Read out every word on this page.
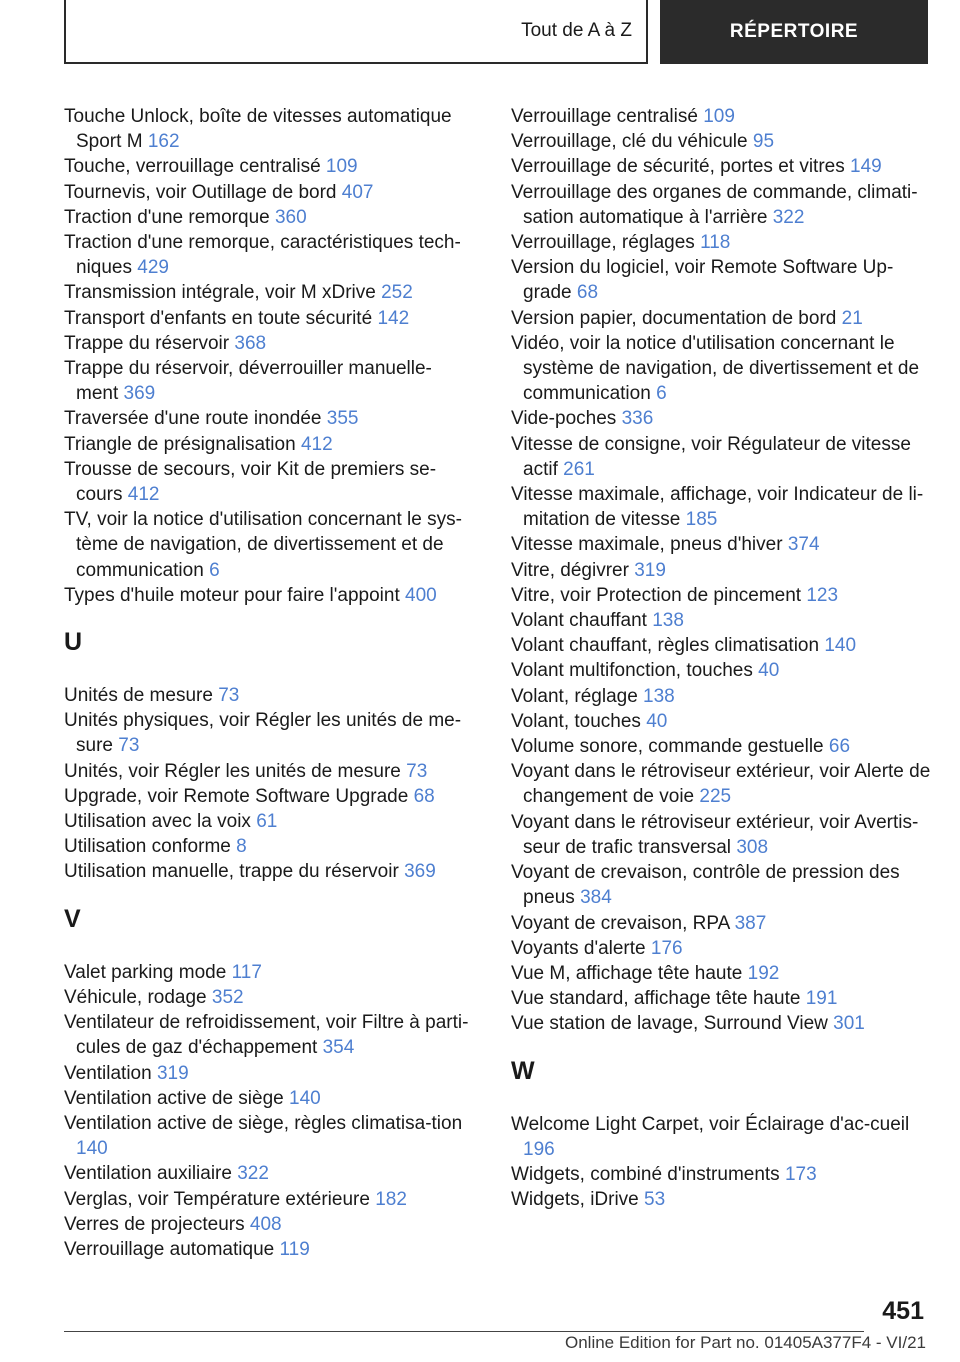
Tout de A à Z	RÉPERTOIRE
Touche Unlock, boîte de vitesses automatique Sport M 162
Touche, verrouillage centralisé 109
Tournevis, voir Outillage de bord 407
Traction d'une remorque 360
Traction d'une remorque, caractéristiques tech-niques 429
Transmission intégrale, voir M xDrive 252
Transport d'enfants en toute sécurité 142
Trappe du réservoir 368
Trappe du réservoir, déverrouiller manuelle-ment 369
Traversée d'une route inondée 355
Triangle de présignalisation 412
Trousse de secours, voir Kit de premiers se-cours 412
TV, voir la notice d'utilisation concernant le sys-tème de navigation, de divertissement et de communication 6
Types d'huile moteur pour faire l'appoint 400
U
Unités de mesure 73
Unités physiques, voir Régler les unités de me-sure 73
Unités, voir Régler les unités de mesure 73
Upgrade, voir Remote Software Upgrade 68
Utilisation avec la voix 61
Utilisation conforme 8
Utilisation manuelle, trappe du réservoir 369
V
Valet parking mode 117
Véhicule, rodage 352
Ventilateur de refroidissement, voir Filtre à parti-cules de gaz d'échappement 354
Ventilation 319
Ventilation active de siège 140
Ventilation active de siège, règles climatisa-tion 140
Ventilation auxiliaire 322
Verglas, voir Température extérieure 182
Verres de projecteurs 408
Verrouillage automatique 119
Verrouillage centralisé 109
Verrouillage, clé du véhicule 95
Verrouillage de sécurité, portes et vitres 149
Verrouillage des organes de commande, climati-sation automatique à l'arrière 322
Verrouillage, réglages 118
Version du logiciel, voir Remote Software Up-grade 68
Version papier, documentation de bord 21
Vidéo, voir la notice d'utilisation concernant le système de navigation, de divertissement et de communication 6
Vide-poches 336
Vitesse de consigne, voir Régulateur de vitesse actif 261
Vitesse maximale, affichage, voir Indicateur de li-mitation de vitesse 185
Vitesse maximale, pneus d'hiver 374
Vitre, dégivrer 319
Vitre, voir Protection de pincement 123
Volant chauffant 138
Volant chauffant, règles climatisation 140
Volant multifonction, touches 40
Volant, réglage 138
Volant, touches 40
Volume sonore, commande gestuelle 66
Voyant dans le rétroviseur extérieur, voir Alerte de changement de voie 225
Voyant dans le rétroviseur extérieur, voir Avertis-seur de trafic transversal 308
Voyant de crevaison, contrôle de pression des pneus 384
Voyant de crevaison, RPA 387
Voyants d'alerte 176
Vue M, affichage tête haute 192
Vue standard, affichage tête haute 191
Vue station de lavage, Surround View 301
W
Welcome Light Carpet, voir Éclairage d'ac-cueil 196
Widgets, combiné d'instruments 173
Widgets, iDrive 53
451
Online Edition for Part no. 01405A377F4 - VI/21
